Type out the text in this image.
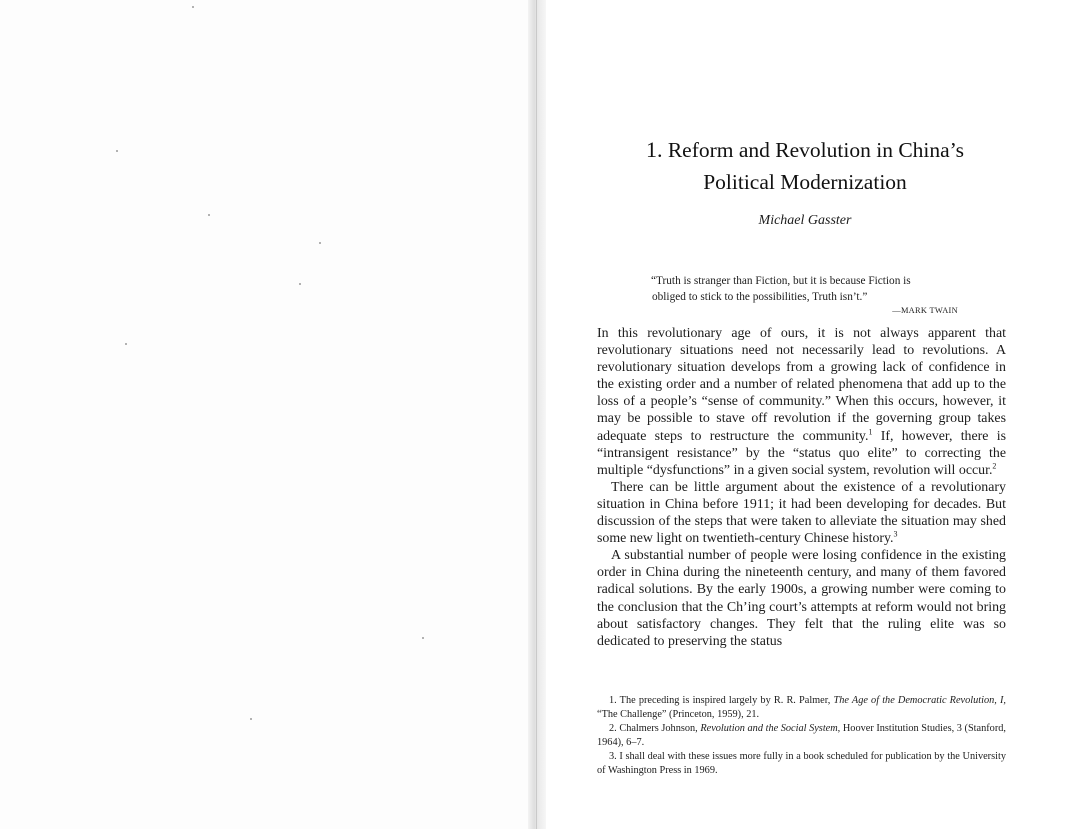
1. Reform and Revolution in China’s
Political Modernization

Michael Gasster

“Truth is stranger than Fiction, but it is because Fiction is
obliged to stick to the possibilities, Truth isn’t.”
—MARK TWAIN

In this revolutionary age of ours, it is not always apparent that revolutionary situations need not necessarily lead to revolutions. A revolutionary situation develops from a growing lack of confidence in the existing order and a number of related phenomena that add up to the loss of a people’s “sense of community.” When this occurs, however, it may be possible to stave off revolution if the governing group takes adequate steps to restructure the community.$^1$ If, however, there is “intransigent resistance” by the “status quo elite” to correcting the multiple “dysfunctions” in a given social system, revolution will occur.$^2$

There can be little argument about the existence of a revolutionary situation in China before 1911; it had been developing for decades. But discussion of the steps that were taken to alleviate the situation may shed some new light on twentieth-century Chinese history.$^3$

A substantial number of people were losing confidence in the existing order in China during the nineteenth century, and many of them favored radical solutions. By the early 1900s, a growing number were coming to the conclusion that the Ch’ing court’s attempts at reform would not bring about satisfactory changes. They felt that the ruling elite was so dedicated to preserving the status

1. The preceding is inspired largely by R. R. Palmer, The Age of the Democratic Revolution, I, “The Challenge” (Princeton, 1959), 21.

2. Chalmers Johnson, Revolution and the Social System, Hoover Institution Studies, 3 (Stanford, 1964), 6–7.

3. I shall deal with these issues more fully in a book scheduled for publication by the University of Washington Press in 1969.
